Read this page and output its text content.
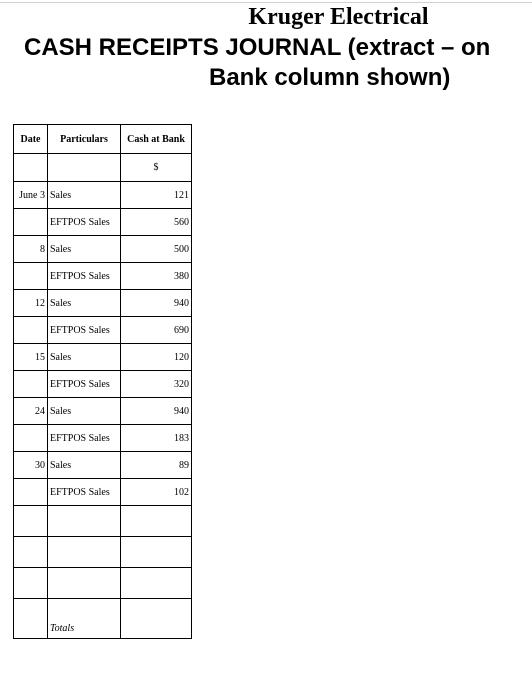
Kruger Electrical
CASH RECEIPTS JOURNAL (extract – on
Bank column shown)
Date	Particulars	Cash at Bank
		$
June 3	Sales	121
	EFTPOS Sales	560
8	Sales	500
	EFTPOS Sales	380
12	Sales	940
	EFTPOS Sales	690
15	Sales	120
	EFTPOS Sales	320
24	Sales	940
	EFTPOS Sales	183
30	Sales	89
	EFTPOS Sales	102

	Totals	
